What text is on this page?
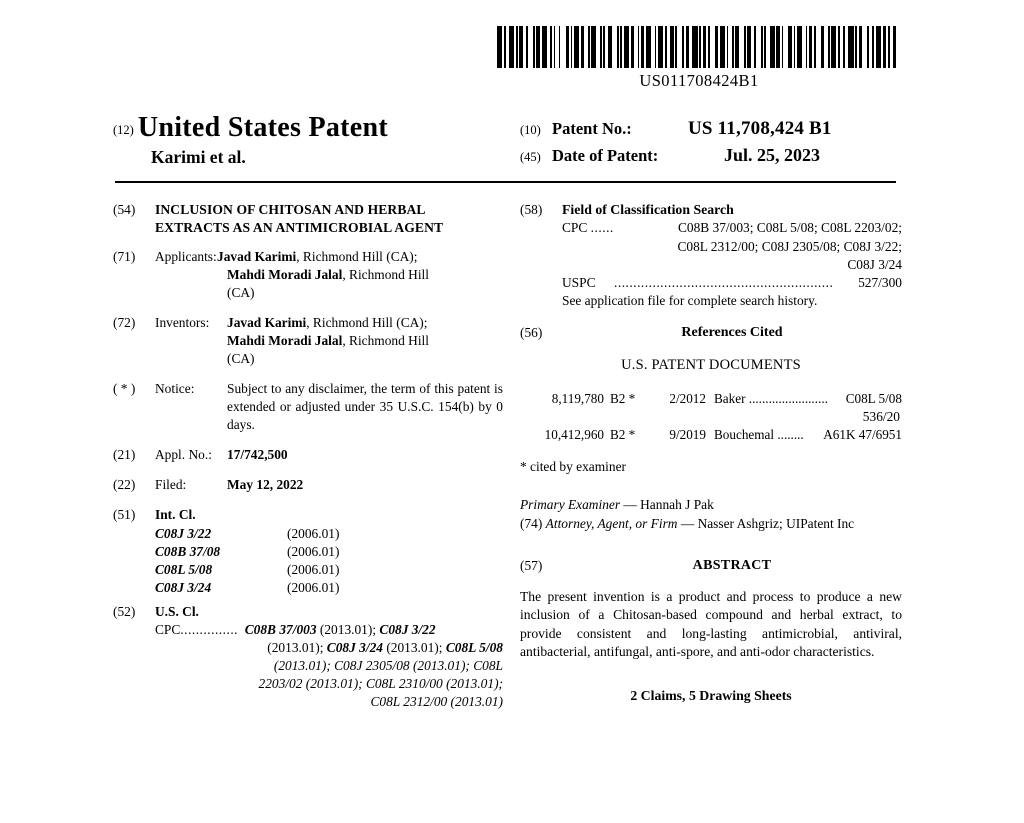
US011708424B1
(12) United States Patent
Karimi et al.
(10) Patent No.:	US 11,708,424 B1
(45) Date of Patent:	Jul. 25, 2023
(54)	INCLUSION OF CHITOSAN AND HERBAL EXTRACTS AS AN ANTIMICROBIAL AGENT
(71)	Applicants: Javad Karimi, Richmond Hill (CA);
Mahdi Moradi Jalal, Richmond Hill
(CA)
(72)	Inventors:	Javad Karimi, Richmond Hill (CA);
Mahdi Moradi Jalal, Richmond Hill
(CA)
( * )	Notice:	Subject to any disclaimer, the term of this patent is extended or adjusted under 35 U.S.C. 154(b) by 0 days.
(21)	Appl. No.:	17/742,500
(22)	Filed:	May 12, 2022
(51)	Int. Cl.
C08J 3/22	(2006.01)
C08B 37/08	(2006.01)
C08L 5/08	(2006.01)
C08J 3/24	(2006.01)
(52)	U.S. Cl.
CPC............... C08B 37/003 (2013.01); C08J 3/22
(2013.01); C08J 3/24 (2013.01); C08L 5/08
(2013.01); C08J 2305/08 (2013.01); C08L
2203/02 (2013.01); C08L 2310/00 (2013.01);
C08L 2312/00 (2013.01)
(58)	Field of Classification Search
CPC ......	C08B 37/003; C08L 5/08; C08L 2203/02;
C08L 2312/00; C08J 2305/08; C08J 3/22;
C08J 3/24
USPC	.........................................................	527/300
See application file for complete search history.
(56)	References Cited
U.S. PATENT DOCUMENTS
8,119,780 B2 *	2/2012 Baker ........................	C08L 5/08
536/20
10,412,960 B2 *	9/2019 Bouchemal ........	A61K 47/6951
* cited by examiner
Primary Examiner — Hannah J Pak
(74) Attorney, Agent, or Firm — Nasser Ashgriz; UIPatent Inc
(57)	ABSTRACT
The present invention is a product and process to produce a new inclusion of a Chitosan-based compound and herbal extract, to provide consistent and long-lasting antimicrobial, antiviral, antibacterial, antifungal, anti-spore, and anti-odor characteristics.
2 Claims, 5 Drawing Sheets
